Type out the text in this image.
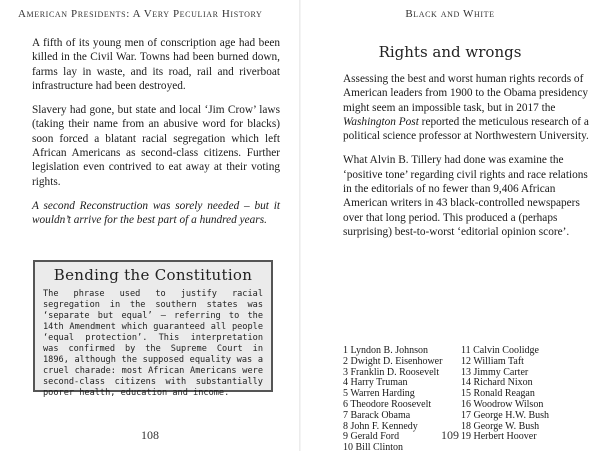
American Presidents: A Very Peculiar History

A fifth of its young men of conscription age had been killed in the Civil War. Towns had been burned down, farms lay in waste, and its road, rail and riverboat infrastructure had been destroyed.

Slavery had gone, but state and local ‘Jim Crow’ laws (taking their name from an abusive word for blacks) soon forced a blatant racial segregation which left African Americans as second-class citizens. Further legislation even contrived to eat away at their voting rights.

A second Reconstruction was sorely needed – but it wouldn’t arrive for the best part of a hundred years.

Bending the Constitution

The phrase used to justify racial segregation in the southern states was ‘separate but equal’ – referring to the 14th Amendment which guaranteed all people ‘equal protection’. This interpretation was confirmed by the Supreme Court in 1896, although the supposed equality was a cruel charade: most African Americans were second-class citizens with substantially poorer health, education and income.

108
Black and White
Rights and wrongs

Assessing the best and worst human rights records of American leaders from 1900 to the Obama presidency might seem an impossible task, but in 2017 the Washington Post reported the meticulous research of a political science professor at Northwestern University.

What Alvin B. Tillery had done was examine the ‘positive tone’ regarding civil rights and race relations in the editorials of no fewer than 9,406 African American writers in 43 black-controlled newspapers over that long period. This produced a (perhaps surprising) best-to-worst ‘editorial opinion score’.

1 Lyndon B. Johnson
2 Dwight D. Eisenhower
3 Franklin D. Roosevelt
4 Harry Truman
5 Warren Harding
6 Theodore Roosevelt
7 Barack Obama
8 John F. Kennedy
9 Gerald Ford
10 Bill Clinton
11 Calvin Coolidge
12 William Taft
13 Jimmy Carter
14 Richard Nixon
15 Ronald Reagan
16 Woodrow Wilson
17 George H.W. Bush
18 George W. Bush
19 Herbert Hoover
109
